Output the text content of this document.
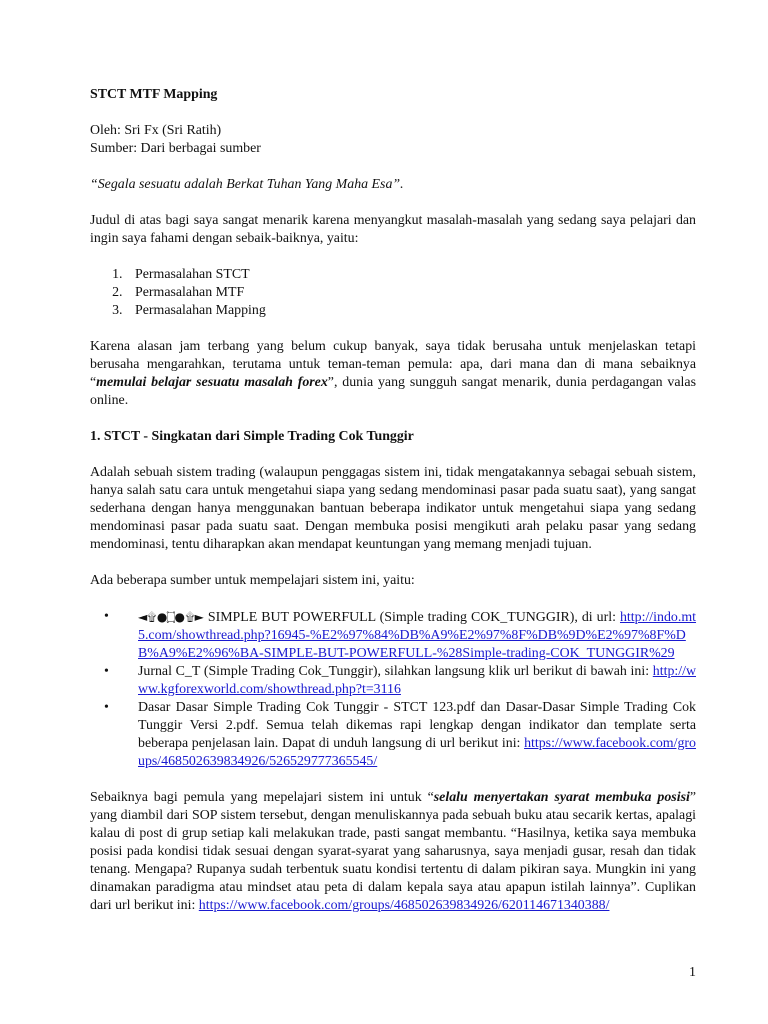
STCT MTF Mapping

Oleh: Sri Fx (Sri Ratih)

Sumber: Dari berbagai sumber

“Segala sesuatu adalah Berkat Tuhan Yang Maha Esa”.

Judul di atas bagi saya sangat menarik karena menyangkut masalah-masalah yang sedang saya pelajari dan ingin saya fahami dengan sebaik-baiknya, yaitu:

1. Permasalahan STCT
2. Permasalahan MTF
3. Permasalahan Mapping

Karena alasan jam terbang yang belum cukup banyak, saya tidak berusaha untuk menjelaskan tetapi berusaha mengarahkan, terutama untuk teman-teman pemula: apa, dari mana dan di mana sebaiknya “memulai belajar sesuatu masalah forex”, dunia yang sungguh sangat menarik, dunia perdagangan valas online.

1. STCT - Singkatan dari Simple Trading Cok Tunggir

Adalah sebuah sistem trading (walaupun penggagas sistem ini, tidak mengatakannya sebagai sebuah sistem, hanya salah satu cara untuk mengetahui siapa yang sedang mendominasi pasar pada suatu saat), yang sangat sederhana dengan hanya menggunakan bantuan beberapa indikator untuk mengetahui siapa yang sedang mendominasi pasar pada suatu saat. Dengan membuka posisi mengikuti arah pelaku pasar yang sedang mendominasi, tentu diharapkan akan mendapat keuntungan yang memang menjadi tujuan.

Ada beberapa sumber untuk mempelajari sistem ini, yaitu:

• ◄۩●۝●۩► SIMPLE BUT POWERFULL (Simple trading COK_TUNGGIR), di url: http://indo.mt5.com/showthread.php?16945-%E2%97%84%DB%A9%E2%97%8F%DB%9D%E2%97%8F%DB%A9%E2%96%BA-SIMPLE-BUT-POWERFULL-%28Simple-trading-COK_TUNGGIR%29
• Jurnal C_T (Simple Trading Cok_Tunggir), silahkan langsung klik url berikut di bawah ini: http://www.kgforexworld.com/showthread.php?t=3116
• Dasar Dasar Simple Trading Cok Tunggir - STCT 123.pdf dan Dasar-Dasar Simple Trading Cok Tunggir Versi 2.pdf. Semua telah dikemas rapi lengkap dengan indikator dan template serta beberapa penjelasan lain. Dapat di unduh langsung di url berikut ini: https://www.facebook.com/groups/468502639834926/526529777365545/

Sebaiknya bagi pemula yang mepelajari sistem ini untuk “selalu menyertakan syarat membuka posisi” yang diambil dari SOP sistem tersebut, dengan menuliskannya pada sebuah buku atau secarik kertas, apalagi kalau di post di grup setiap kali melakukan trade, pasti sangat membantu. “Hasilnya, ketika saya membuka posisi pada kondisi tidak sesuai dengan syarat-syarat yang saharusnya, saya menjadi gusar, resah dan tidak tenang. Mengapa? Rupanya sudah terbentuk suatu kondisi tertentu di dalam pikiran saya. Mungkin ini yang dinamakan paradigma atau mindset atau peta di dalam kepala saya atau apapun istilah lainnya”. Cuplikan dari url berikut ini: https://www.facebook.com/groups/468502639834926/620114671340388/

1
